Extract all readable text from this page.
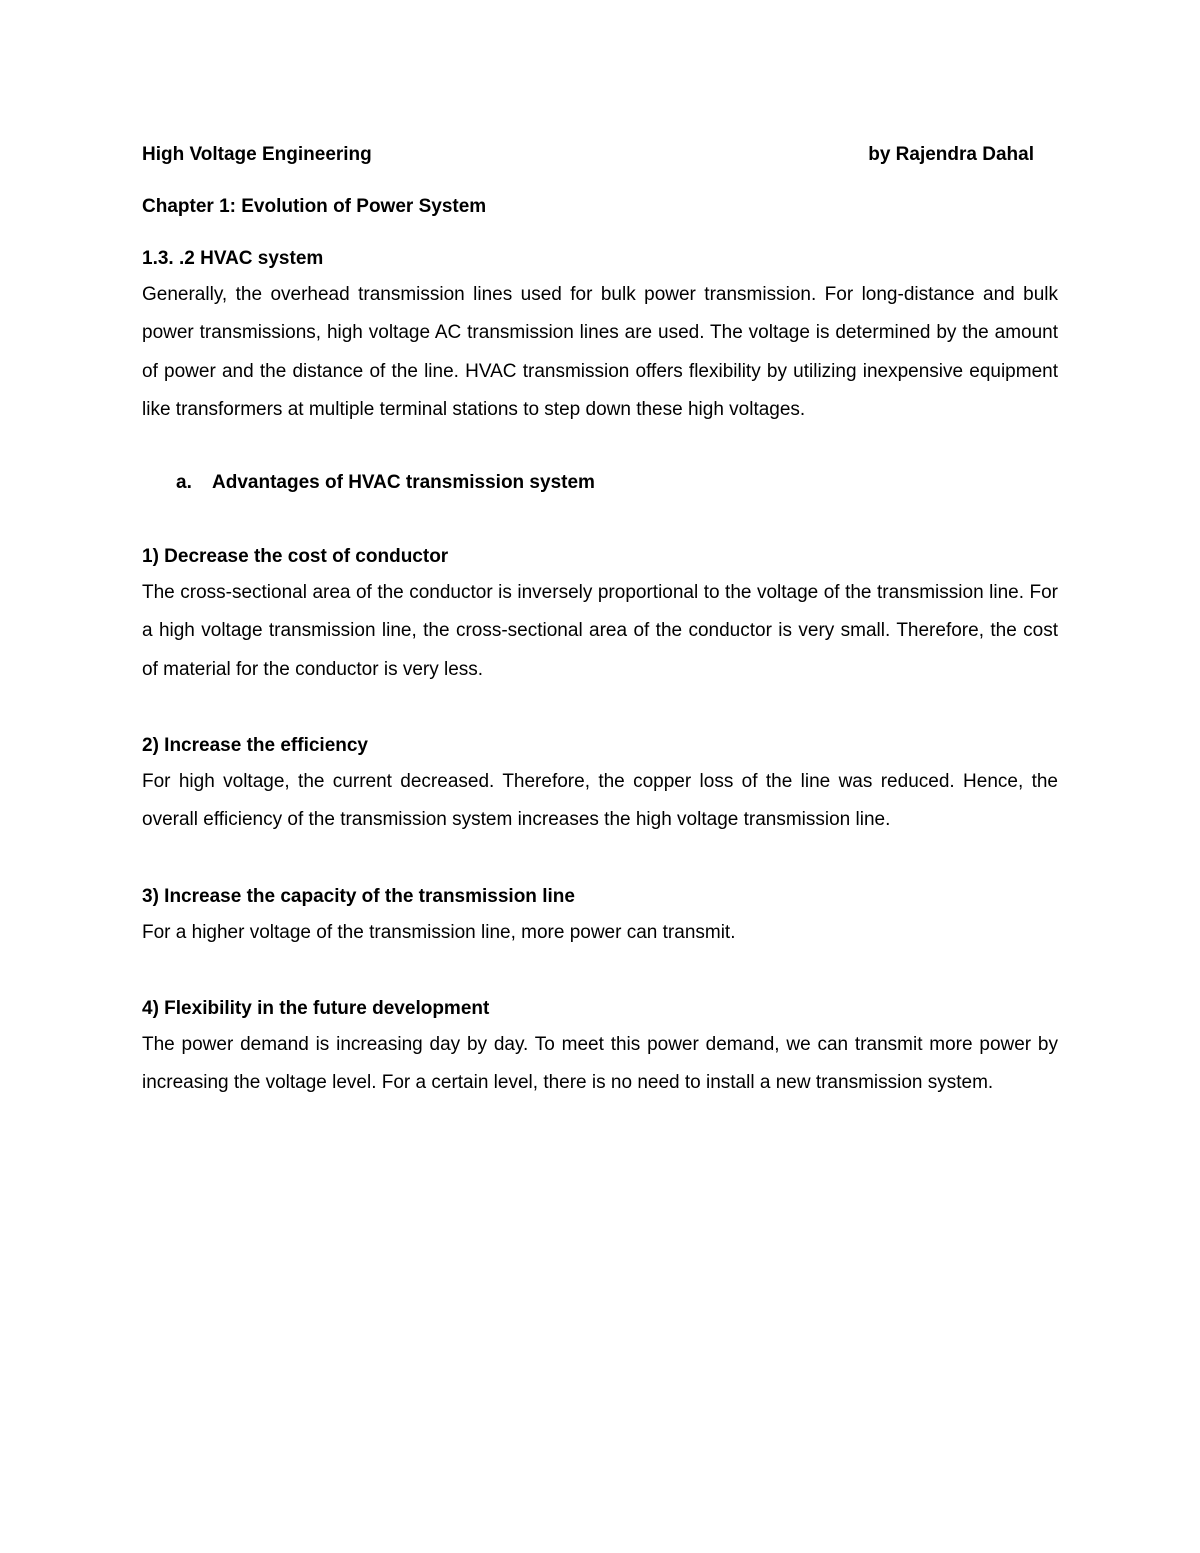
High Voltage Engineering	by Rajendra Dahal
Chapter 1: Evolution of Power System
1.3. .2 HVAC system

Generally, the overhead transmission lines used for bulk power transmission. For long-distance and bulk power transmissions, high voltage AC transmission lines are used. The voltage is determined by the amount of power and the distance of the line. HVAC transmission offers flexibility by utilizing inexpensive equipment like transformers at multiple terminal stations to step down these high voltages.

a.	Advantages of HVAC transmission system
1) Decrease the cost of conductor

The cross-sectional area of the conductor is inversely proportional to the voltage of the transmission line. For a high voltage transmission line, the cross-sectional area of the conductor is very small. Therefore, the cost of material for the conductor is very less.

2) Increase the efficiency

For high voltage, the current decreased. Therefore, the copper loss of the line was reduced. Hence, the overall efficiency of the transmission system increases the high voltage transmission line.

3) Increase the capacity of the transmission line

For a higher voltage of the transmission line, more power can transmit.

4) Flexibility in the future development

The power demand is increasing day by day. To meet this power demand, we can transmit more power by increasing the voltage level. For a certain level, there is no need to install a new transmission system.
